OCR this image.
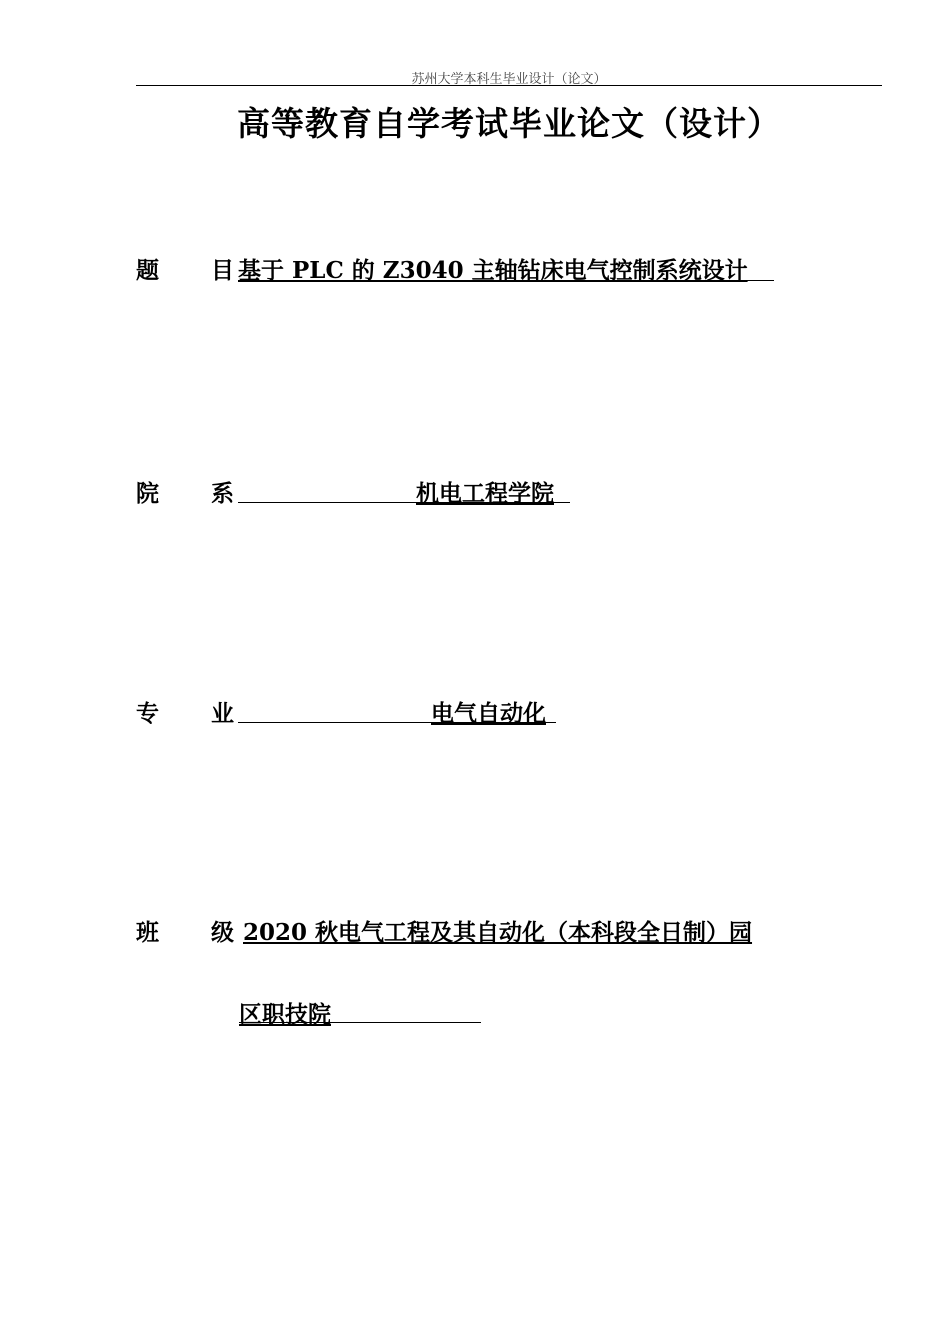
苏州大学本科生毕业设计（论文）
高等教育自学考试毕业论文（设计）
题 目 基于 PLC 的 Z3040 主轴钻床电气控制系统设计
院 系	机电工程学院
专 业	电气自动化
班 级 2020 秋电气工程及其自动化（本科段全日制）园
区职技院
